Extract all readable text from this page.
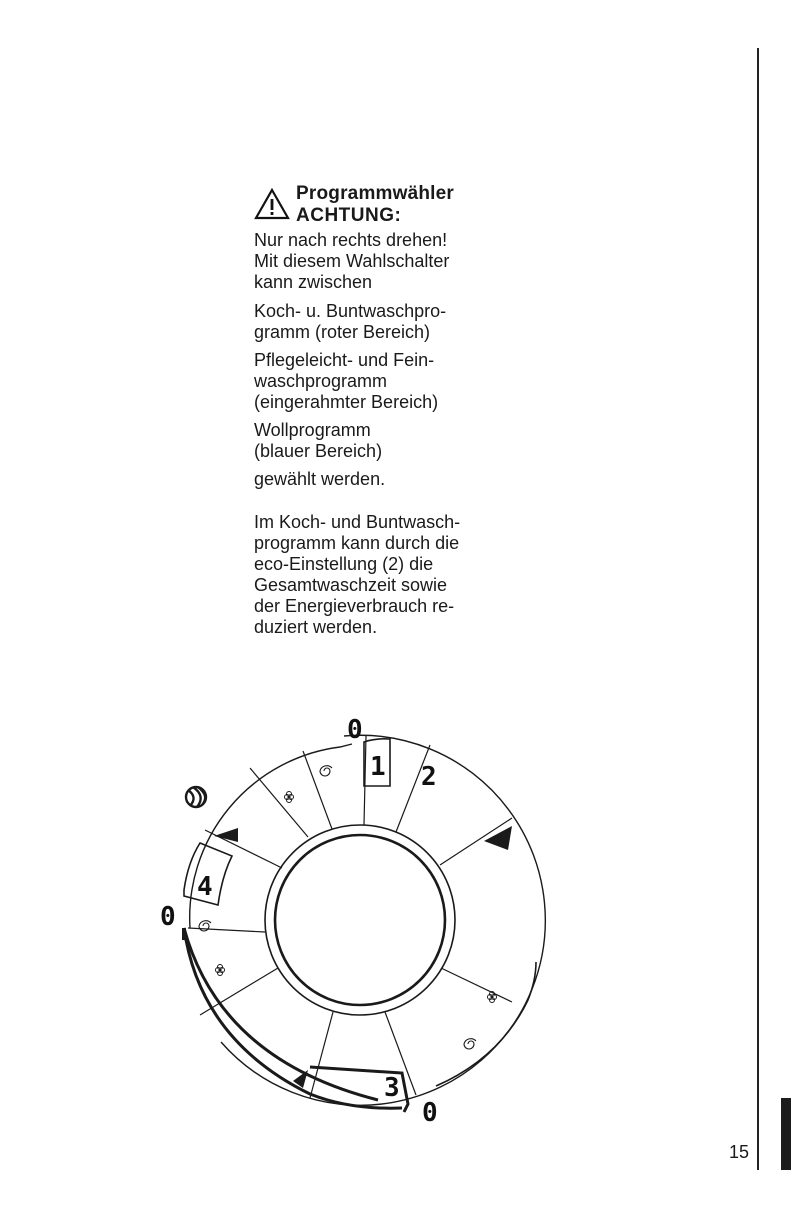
15
Programmwähler
ACHTUNG:
Nur nach rechts drehen!
Mit diesem Wahlschalter
kann zwischen
Koch- u. Buntwaschpro-
gramm (roter Bereich)
Pflegeleicht- und Fein-
waschprogramm
(eingerahmter Bereich)
Wollprogramm
(blauer Bereich)
gewählt werden.
Im Koch- und Buntwasch-
programm kann durch die
eco-Einstellung (2) die
Gesamtwaschzeit sowie
der Energieverbrauch re-
duziert werden.
0
0
0
1 2
3
4
